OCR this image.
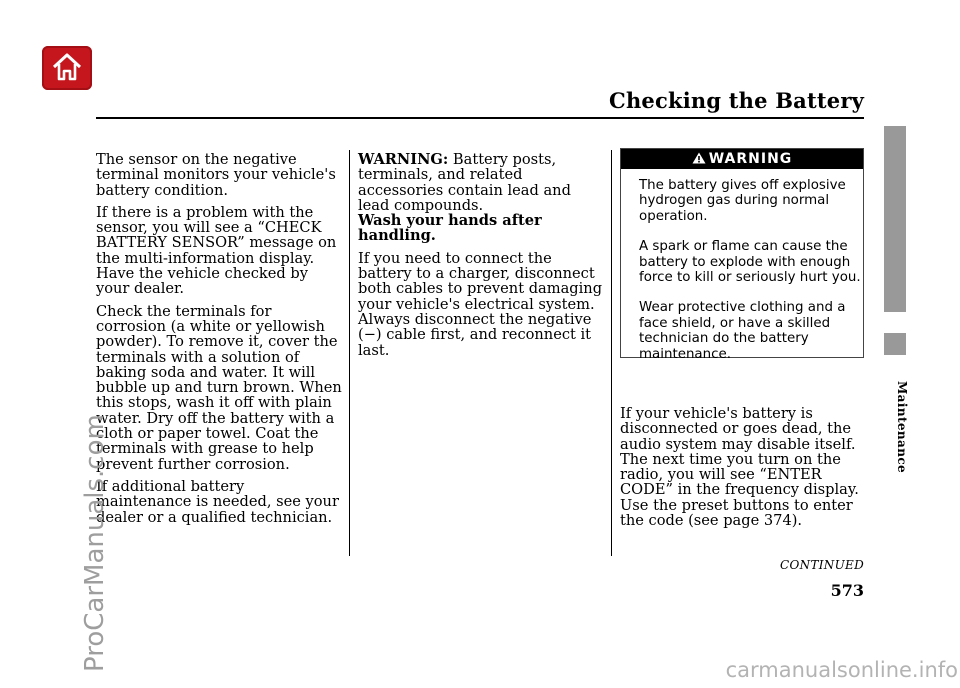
Checking the Battery
Maintenance

The sensor on the negative terminal monitors your vehicle's battery condition.

If there is a problem with the sensor, you will see a “CHECK BATTERY SENSOR” message on the multi-information display. Have the vehicle checked by your dealer.

Check the terminals for corrosion (a white or yellowish powder). To remove it, cover the terminals with a solution of baking soda and water. It will bubble up and turn brown. When this stops, wash it off with plain water. Dry off the battery with a cloth or paper towel. Coat the terminals with grease to help prevent further corrosion.

If additional battery maintenance is needed, see your dealer or a qualified technician.

WARNING: Battery posts, terminals, and related accessories contain lead and lead compounds.
Wash your hands after handling.

If you need to connect the battery to a charger, disconnect both cables to prevent damaging your vehicle's electrical system. Always disconnect the negative (−) cable first, and reconnect it last.

WARNING

The battery gives off explosive hydrogen gas during normal operation.

A spark or flame can cause the battery to explode with enough force to kill or seriously hurt you.

Wear protective clothing and a face shield, or have a skilled technician do the battery maintenance.

If your vehicle's battery is disconnected or goes dead, the audio system may disable itself. The next time you turn on the radio, you will see “ENTER CODE” in the frequency display. Use the preset buttons to enter the code (see page 374).

CONTINUED
573
ProCarManuals.com	carmanualsonline.info
